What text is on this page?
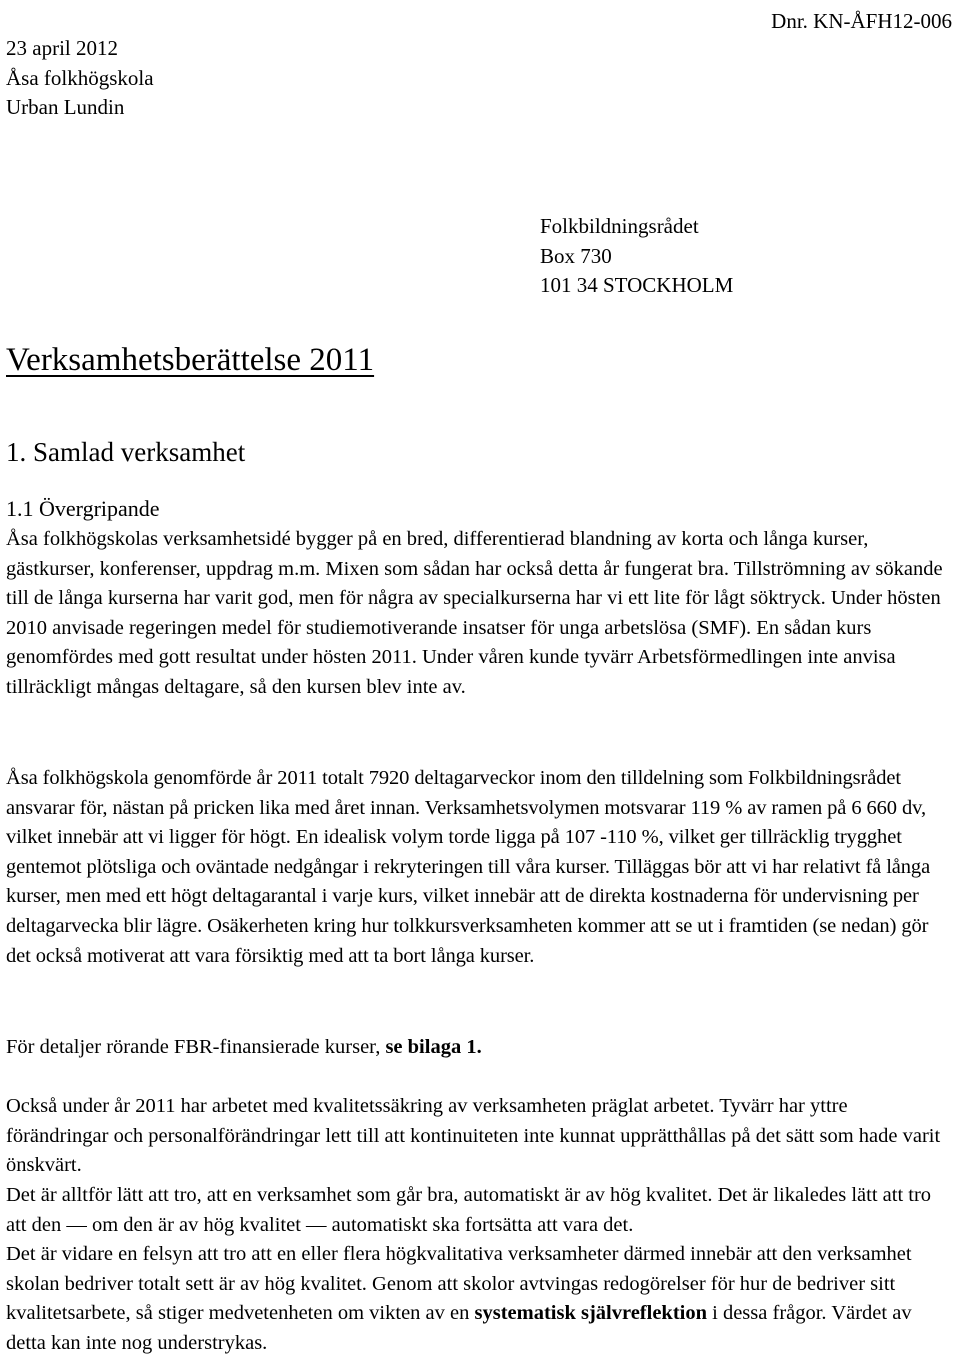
Dnr. KN-ÅFH12-006
23 april 2012
Åsa folkhögskola
Urban Lundin
Folkbildningsrådet
Box 730
101 34 STOCKHOLM
Verksamhetsberättelse 2011
1. Samlad verksamhet
1.1 Övergripande

Åsa folkhögskolas verksamhetsidé bygger på en bred, differentierad blandning av korta och långa kurser, gästkurser, konferenser, uppdrag m.m. Mixen som sådan har också detta år fungerat bra. Tillströmning av sökande till de långa kurserna har varit god, men för några av specialkurserna har vi ett lite för lågt söktryck. Under hösten 2010 anvisade regeringen medel för studiemotiverande insatser för unga arbetslösa (SMF). En sådan kurs genomfördes med gott resultat under hösten 2011. Under våren kunde tyvärr Arbetsförmedlingen inte anvisa tillräckligt mångas deltagare, så den kursen blev inte av.

Åsa folkhögskola genomförde år 2011 totalt 7920 deltagarveckor inom den tilldelning som Folkbildningsrådet ansvarar för, nästan på pricken lika med året innan. Verksamhetsvolymen motsvarar 119 % av ramen på 6 660 dv, vilket innebär att vi ligger för högt. En idealisk volym torde ligga på 107 -110 %, vilket ger tillräcklig trygghet gentemot plötsliga och oväntade nedgångar i rekryteringen till våra kurser. Tilläggas bör att vi har relativt få långa kurser, men med ett högt deltagarantal i varje kurs, vilket innebär att de direkta kostnaderna för undervisning per deltagarvecka blir lägre. Osäkerheten kring hur tolkkursverksamheten kommer att se ut i framtiden (se nedan) gör det också motiverat att vara försiktig med att ta bort långa kurser.

För detaljer rörande FBR-finansierade kurser, se bilaga 1.

Också under år 2011 har arbetet med kvalitetssäkring av verksamheten präglat arbetet. Tyvärr har yttre förändringar och personalförändringar lett till att kontinuiteten inte kunnat upprätthållas på det sätt som hade varit önskvärt.

Det är alltför lätt att tro, att en verksamhet som går bra, automatiskt är av hög kvalitet. Det är likaledes lätt att tro att den — om den är av hög kvalitet — automatiskt ska fortsätta att vara det.

Det är vidare en felsyn att tro att en eller flera högkvalitativa verksamheter därmed innebär att den verksamhet skolan bedriver totalt sett är av hög kvalitet. Genom att skolor avtvingas redogörelser för hur de bedriver sitt kvalitetsarbete, så stiger medvetenheten om vikten av en systematisk självreflektion i dessa frågor. Värdet av detta kan inte nog understrykas.
